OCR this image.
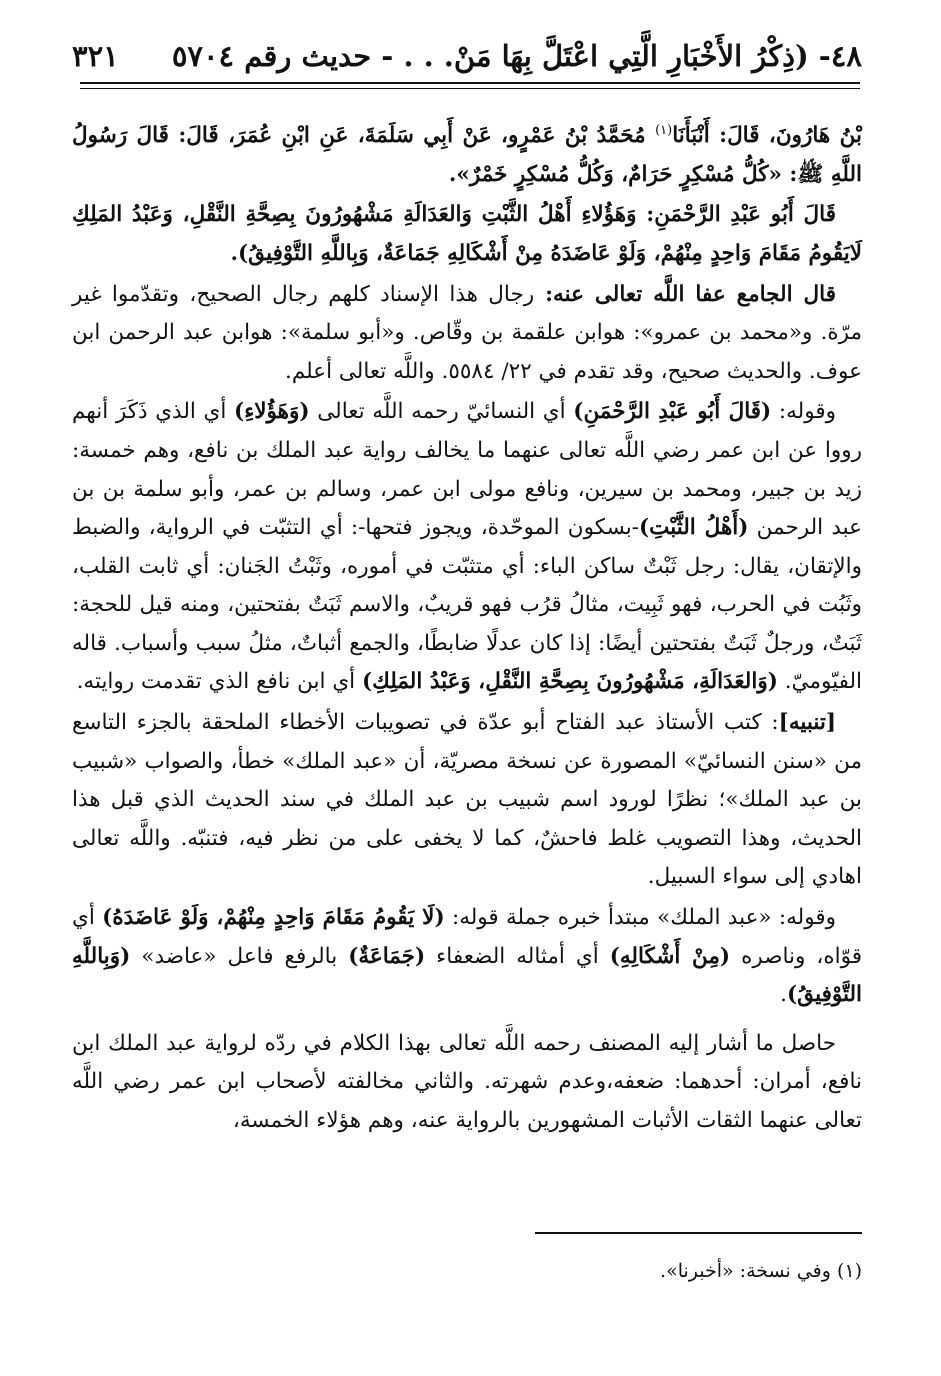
٤٨- (ذِكْرُ الأَخْبَارِ الَّتِي اعْتَلَّ بِهَا مَنْ. . . - حديث رقم ٥٧٠٤
٣٢١

بْنُ هَارُونَ، قَالَ: أَنْبَأَنَا$^{(١)}$ مُحَمَّدُ بْنُ عَمْرٍو، عَنْ أَبِي سَلَمَةَ، عَنِ ابْنِ عُمَرَ، قَالَ: قَالَ رَسُولُ اللَّهِ ﷺ: «كُلُّ مُسْكِرٍ حَرَامٌ، وَكُلُّ مُسْكِرٍ خَمْرٌ».

قَالَ أَبُو عَبْدِ الرَّحْمَنِ: وَهَؤُلاءِ أَهْلُ الثَّبْتِ وَالعَدَالَةِ مَشْهُورُونَ بِصِحَّةِ النَّقْلِ، وَعَبْدُ المَلِكِ لَايَقُومُ مَقَامَ وَاحِدٍ مِنْهُمْ، وَلَوْ عَاضَدَهُ مِنْ أَشْكَالِهِ جَمَاعَةٌ، وَبِاللَّهِ التَّوْفِيقُ).

قال الجامع عفا اللَّه تعالى عنه: رجال هذا الإسناد كلهم رجال الصحيح، وتقدّموا غير مرّة. و«محمد بن عمرو»: هوابن علقمة بن وقّاص. و«أبو سلمة»: هوابن عبد الرحمن ابن عوف. والحديث صحيح، وقد تقدم في ٢٢/ ٥٥٨٤. واللَّه تعالى أعلم.

وقوله: (قَالَ أَبُو عَبْدِ الرَّحْمَنِ) أي النسائيّ رحمه اللَّه تعالى (وَهَؤُلاءِ) أي الذي ذَكَرَ أنهم رووا عن ابن عمر رضي اللَّه تعالى عنهما ما يخالف رواية عبد الملك بن نافع، وهم خمسة: زيد بن جبير، ومحمد بن سيرين، ونافع مولى ابن عمر، وسالم بن عمر، وأبو سلمة بن بن عبد الرحمن (أَهْلُ الثَّبْتِ)-بسكون الموحّدة، ويجوز فتحها-: أي التثبّت في الرواية، والضبط والإتقان، يقال: رجل ثَبْتٌ ساكن الباء: أي متثبّت في أموره، وثَبْتُ الجَنان: أي ثابت القلب، وثَبُت في الحرب، فهو ثَبِيت، مثالُ قرُب فهو قريبٌ، والاسم ثَبَتٌ بفتحتين، ومنه قيل للحجة: ثَبَتٌ، ورجلٌ ثَبَتٌ بفتحتين أيضًا: إذا كان عدلًا ضابطًا، والجمع أثباتٌ، مثلُ سبب وأسباب. قاله الفيّوميّ. (وَالعَدَالَةِ، مَشْهُورُونَ بِصِحَّةِ النَّقْلِ، وَعَبْدُ المَلِكِ) أي ابن نافع الذي تقدمت روايته.

[تنبيه]: كتب الأستاذ عبد الفتاح أبو عدّة في تصويبات الأخطاء الملحقة بالجزء التاسع من «سنن النسائيّ» المصورة عن نسخة مصريّة، أن «عبد الملك» خطأ، والصواب «شبيب بن عبد الملك»؛ نظرًا لورود اسم شبيب بن عبد الملك في سند الحديث الذي قبل هذا الحديث، وهذا التصويب غلط فاحشٌ، كما لا يخفى على من نظر فيه، فتنبّه. واللَّه تعالى اهادي إلى سواء السبيل.

وقوله: «عبد الملك» مبتدأ خبره جملة قوله: (لَا يَقُومُ مَقَامَ وَاحِدٍ مِنْهُمْ، وَلَوْ عَاضَدَهُ) أي قوّاه، وناصره (مِنْ أَشْكَالِهِ) أي أمثاله الضعفاء (جَمَاعَةٌ) بالرفع فاعل «عاضد» (وَبِاللَّهِ التَّوْفِيقُ).

حاصل ما أشار إليه المصنف رحمه اللَّه تعالى بهذا الكلام في ردّه لرواية عبد الملك ابن نافع، أمران: أحدهما: ضعفه،وعدم شهرته. والثاني مخالفته لأصحاب ابن عمر رضي اللَّه تعالى عنهما الثقات الأثبات المشهورين بالرواية عنه، وهم هؤلاء الخمسة،

(١) وفي نسخة: «أخبرنا».
